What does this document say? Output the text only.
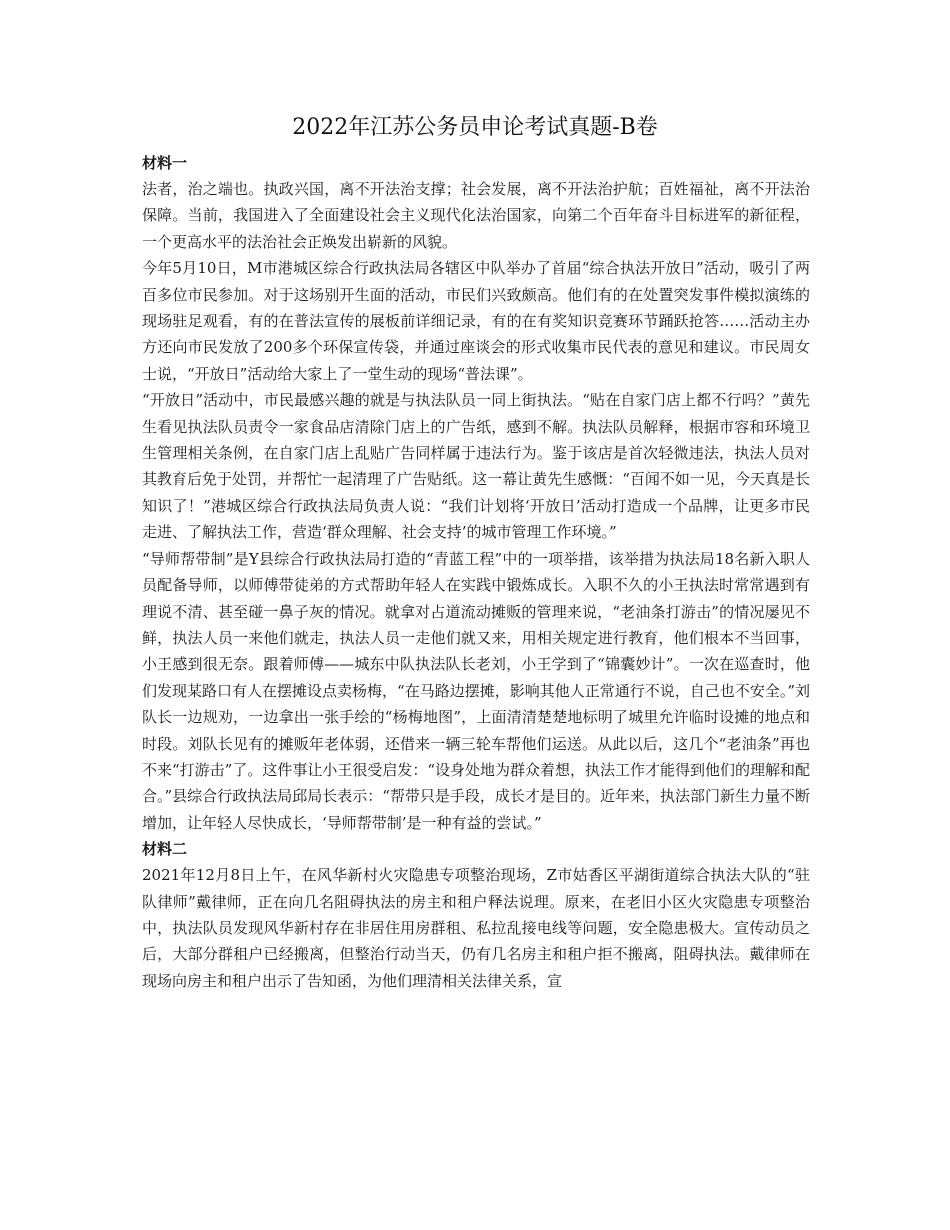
2022年江苏公务员申论考试真题-B卷
材料一

法者，治之端也。执政兴国，离不开法治支撑；社会发展，离不开法治护航；百姓福祉，离不开法治保障。当前，我国进入了全面建设社会主义现代化法治国家，向第二个百年奋斗目标进军的新征程，一个更高水平的法治社会正焕发出崭新的风貌。

今年5月10日，M市港城区综合行政执法局各辖区中队举办了首届“综合执法开放日”活动，吸引了两百多位市民参加。对于这场别开生面的活动，市民们兴致颇高。他们有的在处置突发事件模拟演练的现场驻足观看，有的在普法宣传的展板前详细记录，有的在有奖知识竞赛环节踊跃抢答……活动主办方还向市民发放了200多个环保宣传袋，并通过座谈会的形式收集市民代表的意见和建议。市民周女士说，“开放日”活动给大家上了一堂生动的现场“普法课”。

“开放日”活动中，市民最感兴趣的就是与执法队员一同上街执法。“贴在自家门店上都不行吗？”黄先生看见执法队员责令一家食品店清除门店上的广告纸，感到不解。执法队员解释，根据市容和环境卫生管理相关条例，在自家门店上乱贴广告同样属于违法行为。鉴于该店是首次轻微违法，执法人员对其教育后免于处罚，并帮忙一起清理了广告贴纸。这一幕让黄先生感慨：“百闻不如一见，今天真是长知识了！”港城区综合行政执法局负责人说：“我们计划将‘开放日’活动打造成一个品牌，让更多市民走进、了解执法工作，营造‘群众理解、社会支持’的城市管理工作环境。”

“导师帮带制”是Y县综合行政执法局打造的“青蓝工程”中的一项举措，该举措为执法局18名新入职人员配备导师，以师傅带徒弟的方式帮助年轻人在实践中锻炼成长。入职不久的小王执法时常常遇到有理说不清、甚至碰一鼻子灰的情况。就拿对占道流动摊贩的管理来说，“老油条打游击”的情况屡见不鲜，执法人员一来他们就走，执法人员一走他们就又来，用相关规定进行教育，他们根本不当回事，小王感到很无奈。跟着师傅——城东中队执法队长老刘，小王学到了“锦囊妙计”。一次在巡查时，他们发现某路口有人在摆摊设点卖杨梅，“在马路边摆摊，影响其他人正常通行不说，自己也不安全。”刘队长一边规劝，一边拿出一张手绘的“杨梅地图”，上面清清楚楚地标明了城里允许临时设摊的地点和时段。刘队长见有的摊贩年老体弱，还借来一辆三轮车帮他们运送。从此以后，这几个“老油条”再也不来“打游击”了。这件事让小王很受启发：“设身处地为群众着想，执法工作才能得到他们的理解和配合。”县综合行政执法局邱局长表示：“帮带只是手段，成长才是目的。近年来，执法部门新生力量不断增加，让年轻人尽快成长，‘导师帮带制’是一种有益的尝试。”

材料二

2021年12月8日上午，在风华新村火灾隐患专项整治现场，Z市姑香区平湖街道综合执法大队的“驻队律师”戴律师，正在向几名阻碍执法的房主和租户释法说理。原来，在老旧小区火灾隐患专项整治中，执法队员发现风华新村存在非居住用房群租、私拉乱接电线等问题，安全隐患极大。宣传动员之后，大部分群租户已经搬离，但整治行动当天，仍有几名房主和租户拒不搬离，阻碍执法。戴律师在现场向房主和租户出示了告知函，为他们理清相关法律关系，宣
